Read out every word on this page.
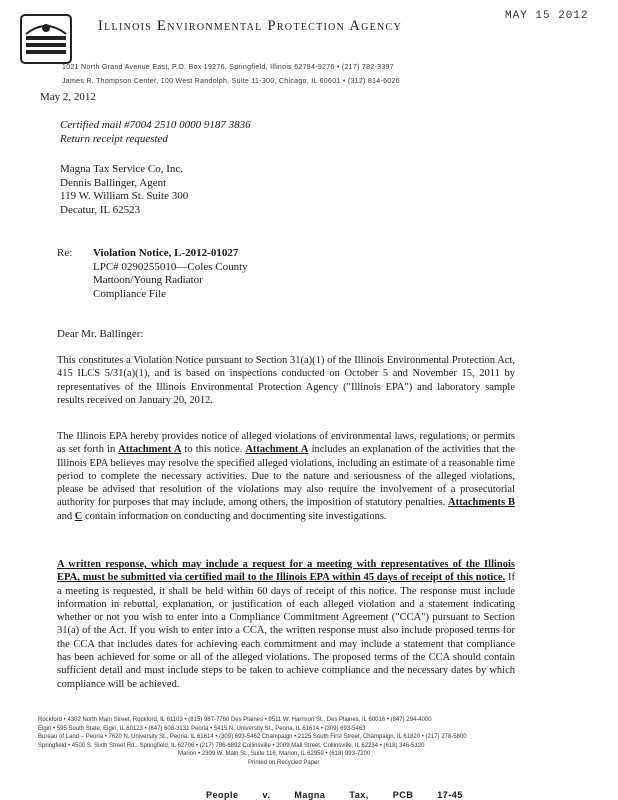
MAY 15 2012
Illinois Environmental Protection Agency
1021 North Grand Avenue East, P.O. Box 19276, Springfield, Illinois 62794-9276 • (217) 782-3397
James R. Thompson Center, 100 West Randolph, Suite 11-300, Chicago, IL 60601 • (312) 814-6026
May 2, 2012
Certified mail #7004 2510 0000 9187 3836
Return receipt requested
Magna Tax Service Co, Inc.
Dennis Ballinger, Agent
119 W. William St. Suite 300
Decatur, IL 62523
Re: Violation Notice, L-2012-01027
LPC# 0290255010—Coles County
Mattoon/Young Radiator
Compliance File
Dear Mr. Ballinger:

This constitutes a Violation Notice pursuant to Section 31(a)(1) of the Illinois Environmental Protection Act, 415 ILCS 5/31(a)(1), and is based on inspections conducted on October 5 and November 15, 2011 by representatives of the Illinois Environmental Protection Agency ("Illinois EPA") and laboratory sample results received on January 20, 2012.

The Illinois EPA hereby provides notice of alleged violations of environmental laws, regulations, or permits as set forth in Attachment A to this notice. Attachment A includes an explanation of the activities that the Illinois EPA believes may resolve the specified alleged violations, including an estimate of a reasonable time period to complete the necessary activities. Due to the nature and seriousness of the alleged violations, please be advised that resolution of the violations may also require the involvement of a prosecutorial authority for purposes that may include, among others, the imposition of statutory penalties. Attachments B and C contain information on conducting and documenting site investigations.

A written response, which may include a request for a meeting with representatives of the Illinois EPA, must be submitted via certified mail to the Illinois EPA within 45 days of receipt of this notice. If a meeting is requested, it shall be held within 60 days of receipt of this notice. The response must include information in rebuttal, explanation, or justification of each alleged violation and a statement indicating whether or not you wish to enter into a Compliance Commitment Agreement ("CCA") pursuant to Section 31(a) of the Act. If you wish to enter into a CCA, the written response must also include proposed terms for the CCA that includes dates for achieving each commitment and may include a statement that compliance has been achieved for some or all of the alleged violations. The proposed terms of the CCA should contain sufficient detail and must include steps to be taken to achieve compliance and the necessary dates by which compliance will be achieved.

Rockford • 4302 North Main Street, Rockford, IL 61103 • (815) 987-7760 Des Plaines • 9511 W. Harrison St., Des Plaines, IL 60016 • (847) 294-4000
Elgin • 595 South State, Elgin, IL 60123 • (847) 608-3131 Peoria • 5415 N. University St., Peoria, IL 61614 • (309) 693-5463
Bureau of Land – Peoria • 7620 N. University St., Peoria, IL 61614 • (309) 693-5462 Champaign • 2125 South First Street, Champaign, IL 61820 • (217) 278-5800
Springfield • 4500 S. Sixth Street Rd., Springfield, IL 62706 • (217) 786-6892 Collinsville • 2009 Mall Street, Collinsville, IL 62234 • (618) 346-5120
Marion • 2309 W. Main St., Suite 116, Marion, IL 62959 • (618) 993-7200
Printed on Recycled Paper
People	v.	Magna	Tax,	PCB	17-45
